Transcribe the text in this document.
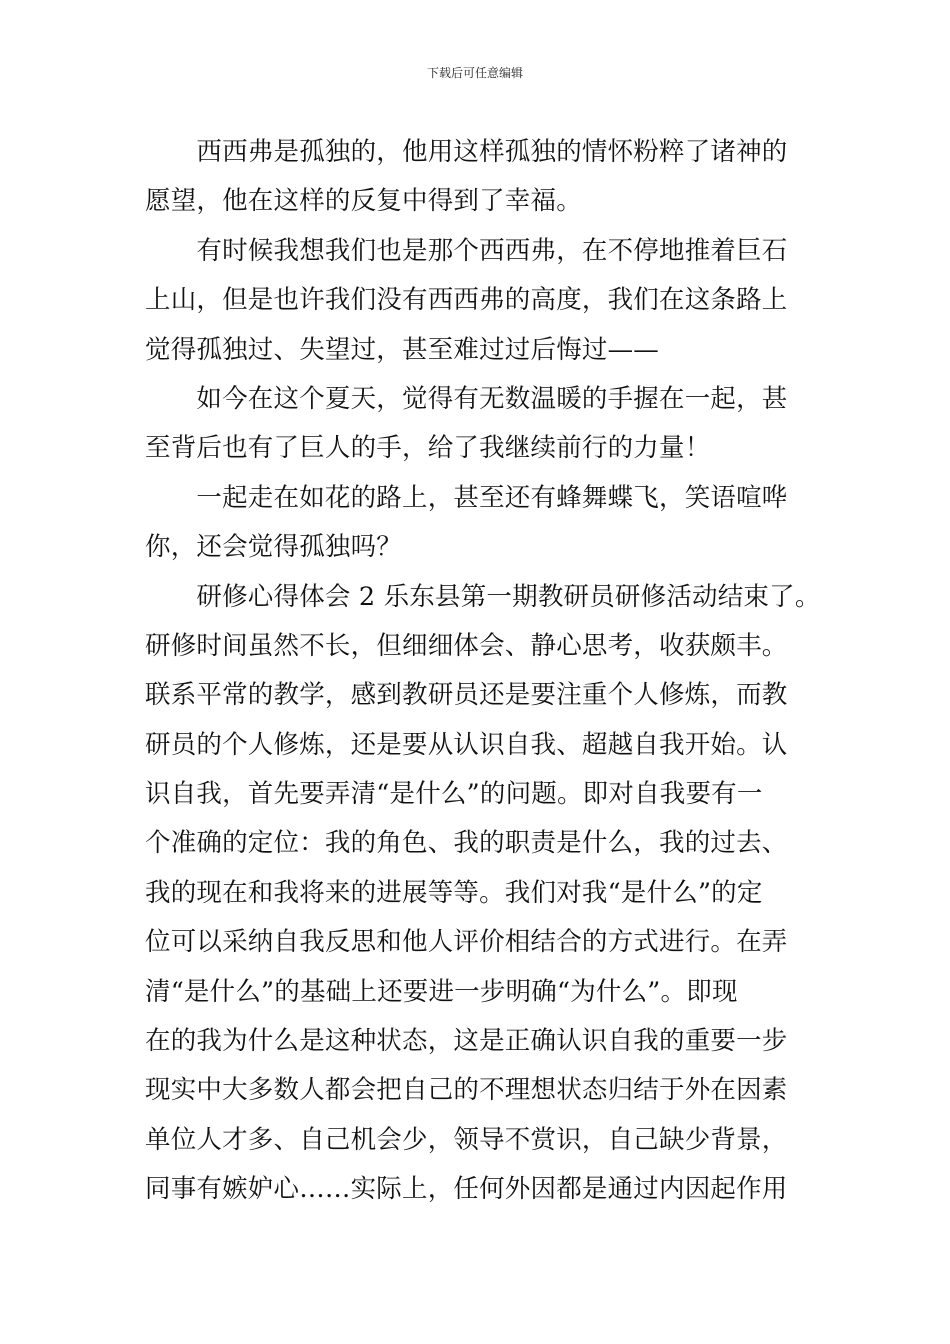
下载后可任意编辑
　　西西弗是孤独的，他用这样孤独的情怀粉粹了诸神的
愿望，他在这样的反复中得到了幸福。
　　有时候我想我们也是那个西西弗，在不停地推着巨石
上山，但是也许我们没有西西弗的高度，我们在这条路上
觉得孤独过、失望过，甚至难过过后悔过——
　　如今在这个夏天，觉得有无数温暖的手握在一起，甚
至背后也有了巨人的手，给了我继续前行的力量！
　　一起走在如花的路上，甚至还有蜂舞蝶飞，笑语喧哗
你，还会觉得孤独吗？
　　研修心得体会 2 乐东县第一期教研员研修活动结束了。
研修时间虽然不长，但细细体会、静心思考，收获颇丰。
联系平常的教学，感到教研员还是要注重个人修炼，而教
研员的个人修炼，还是要从认识自我、超越自我开始。认
识自我，首先要弄清“是什么”的问题。即对自我要有一
个准确的定位：我的角色、我的职责是什么，我的过去、
我的现在和我将来的进展等等。我们对我“是什么”的定
位可以采纳自我反思和他人评价相结合的方式进行。在弄
清“是什么”的基础上还要进一步明确“为什么”。即现
在的我为什么是这种状态，这是正确认识自我的重要一步
现实中大多数人都会把自己的不理想状态归结于外在因素
单位人才多、自己机会少，领导不赏识，自己缺少背景，
同事有嫉妒心……实际上，任何外因都是通过内因起作用
